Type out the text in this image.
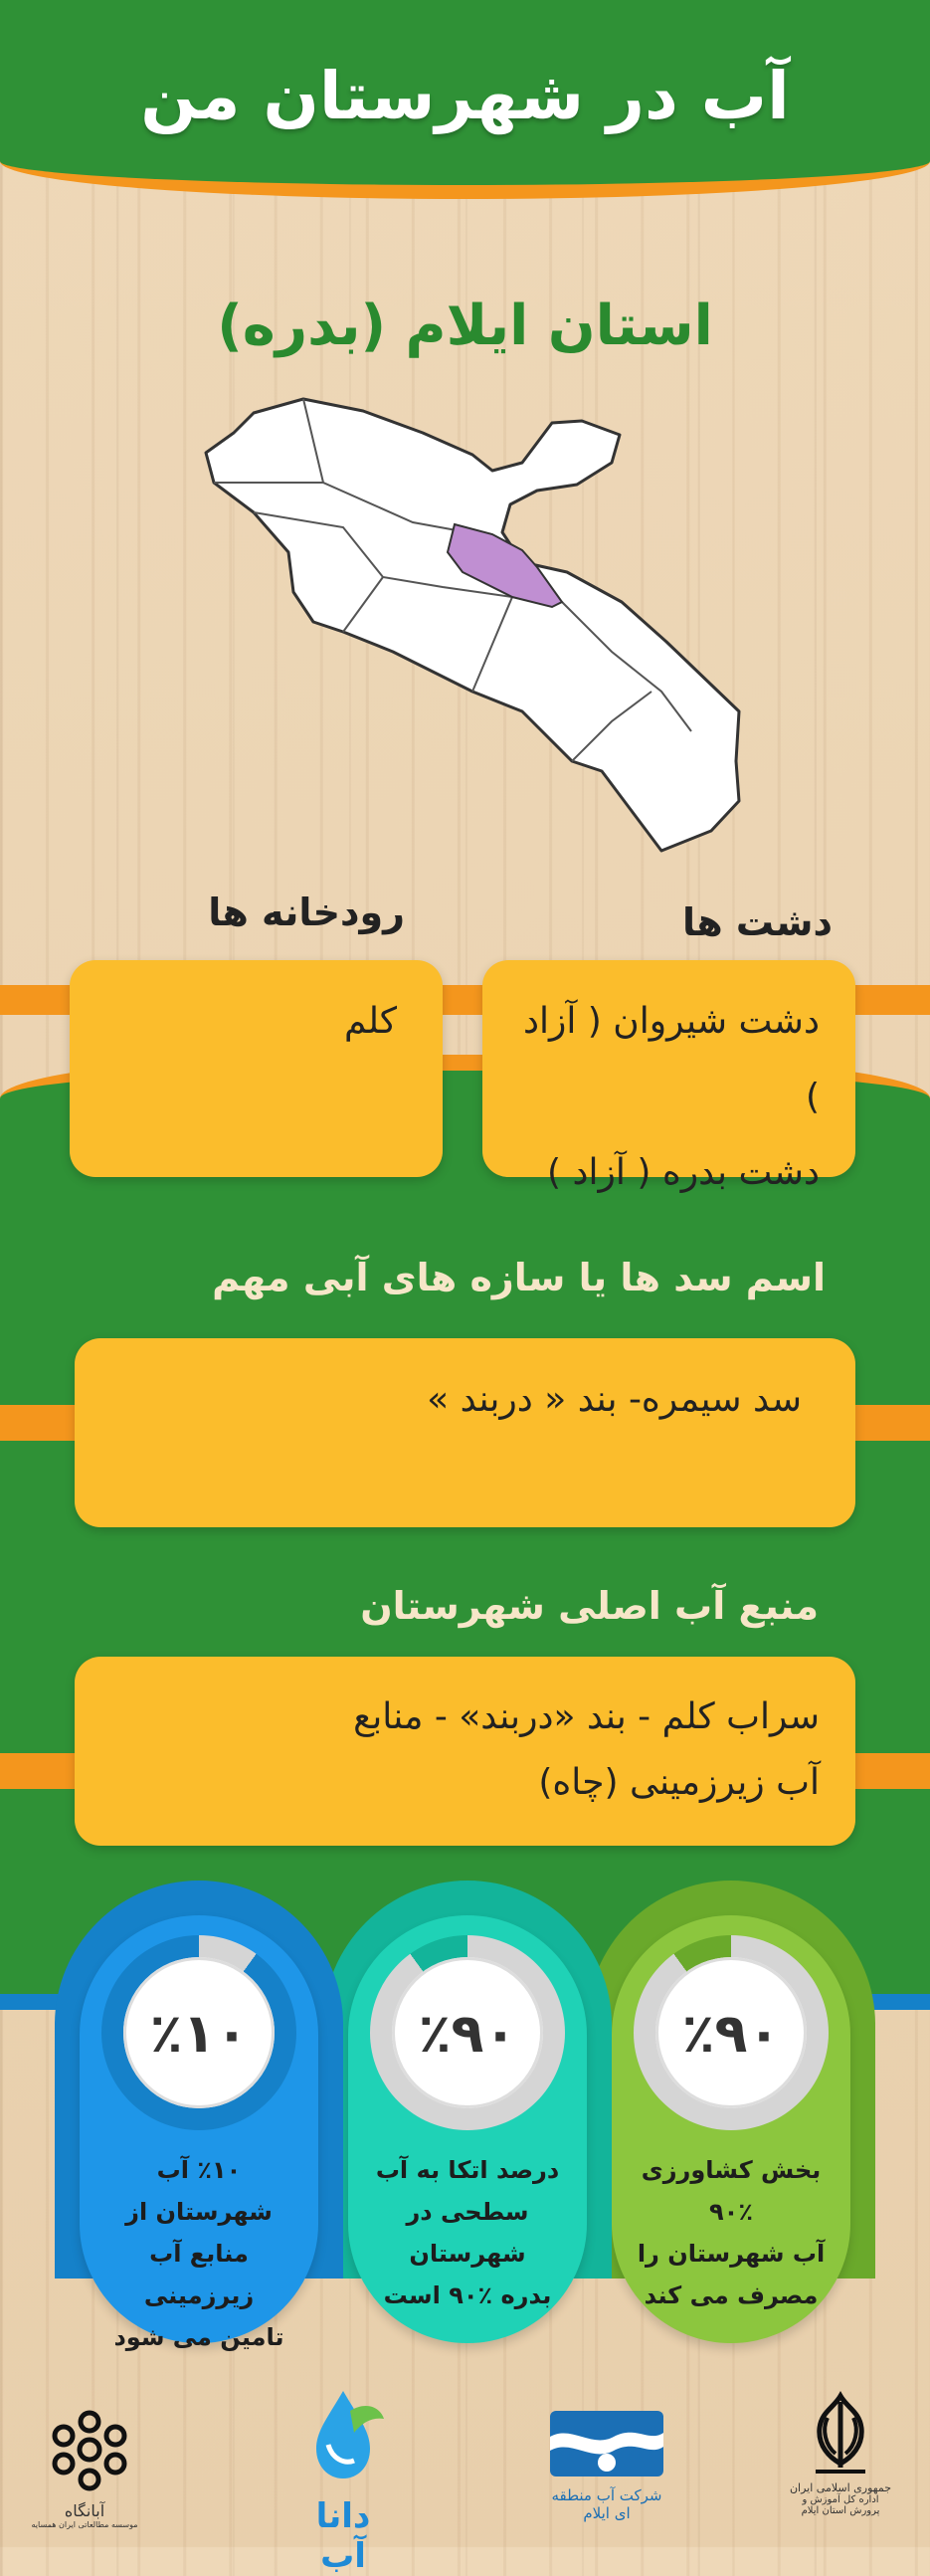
آب در شهرستان من
استان ایلام (بدره)
دشت ها
رودخانه ها
دشت شیروان ( آزاد )
دشت بدره ( آزاد )
کلم
اسم سد ها یا سازه های آبی مهم
سد سیمره- بند « دربند »
منبع آب اصلی شهرستان
سراب کلم - بند «دربند» - منابع
آب زیرزمینی (چاه)
٪۹۰
بخش کشاورزی ٪۹۰
آب شهرستان را
مصرف می کند
٪۹۰
درصد اتکا به آب
سطحی در شهرستان
بدره ٪۹۰ است
٪۱۰
٪۱۰ آب شهرستان از
منابع آب زیرزمینی
تامین می شود
جمهوری اسلامی ایران
اداره کل آموزش و پرورش استان ایلام
شرکت آب منطقه ای ایلام
دانا آب
آبانگاه
موسسه مطالعاتی ایران همسایه
